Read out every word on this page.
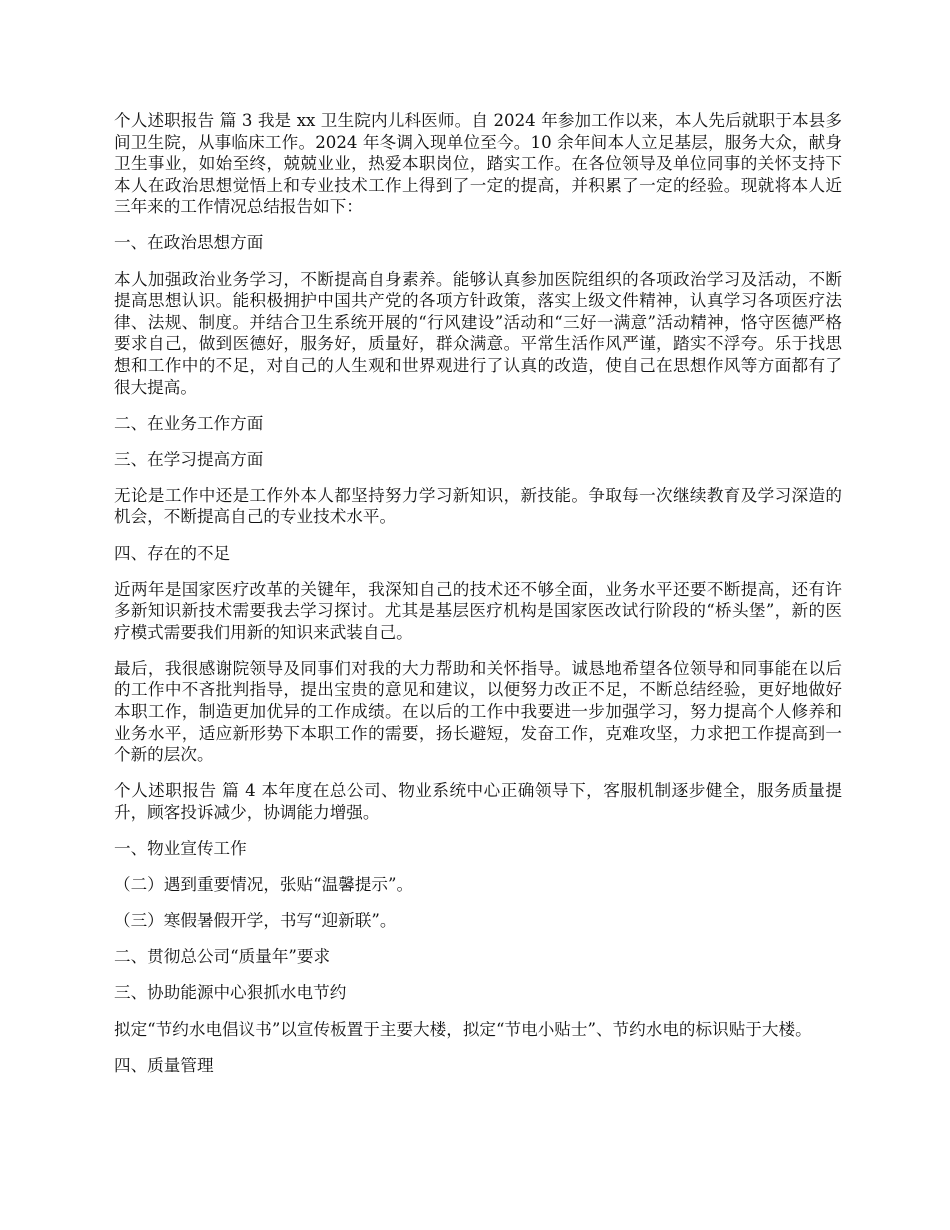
个人述职报告 篇 3 我是 xx 卫生院内儿科医师。自 2024 年参加工作以来，本人先后就职于本县多间卫生院，从事临床工作。2024 年冬调入现单位至今。10 余年间本人立足基层，服务大众，献身卫生事业，如始至终，兢兢业业，热爱本职岗位，踏实工作。在各位领导及单位同事的关怀支持下本人在政治思想觉悟上和专业技术工作上得到了一定的提高，并积累了一定的经验。现就将本人近三年来的工作情况总结报告如下：

一、在政治思想方面

本人加强政治业务学习，不断提高自身素养。能够认真参加医院组织的各项政治学习及活动，不断提高思想认识。能积极拥护中国共产党的各项方针政策，落实上级文件精神，认真学习各项医疗法律、法规、制度。并结合卫生系统开展的“行风建设”活动和“三好一满意”活动精神，恪守医德严格要求自己，做到医德好，服务好，质量好，群众满意。平常生活作风严谨，踏实不浮夸。乐于找思想和工作中的不足，对自己的人生观和世界观进行了认真的改造，使自己在思想作风等方面都有了很大提高。

二、在业务工作方面

三、在学习提高方面

无论是工作中还是工作外本人都坚持努力学习新知识，新技能。争取每一次继续教育及学习深造的机会，不断提高自己的专业技术水平。

四、存在的不足

近两年是国家医疗改革的关键年，我深知自己的技术还不够全面，业务水平还要不断提高，还有许多新知识新技术需要我去学习探讨。尤其是基层医疗机构是国家医改试行阶段的“桥头堡”，新的医疗模式需要我们用新的知识来武装自己。

最后，我很感谢院领导及同事们对我的大力帮助和关怀指导。诚恳地希望各位领导和同事能在以后的工作中不吝批判指导，提出宝贵的意见和建议，以便努力改正不足，不断总结经验，更好地做好本职工作，制造更加优异的工作成绩。在以后的工作中我要进一步加强学习，努力提高个人修养和业务水平，适应新形势下本职工作的需要，扬长避短，发奋工作，克难攻坚，力求把工作提高到一个新的层次。

个人述职报告 篇 4 本年度在总公司、物业系统中心正确领导下，客服机制逐步健全，服务质量提升，顾客投诉减少，协调能力增强。

一、物业宣传工作

（二）遇到重要情况，张贴“温馨提示”。

（三）寒假暑假开学，书写“迎新联”。

二、贯彻总公司“质量年”要求

三、协助能源中心狠抓水电节约

拟定“节约水电倡议书”以宣传板置于主要大楼，拟定“节电小贴士”、节约水电的标识贴于大楼。

四、质量管理
